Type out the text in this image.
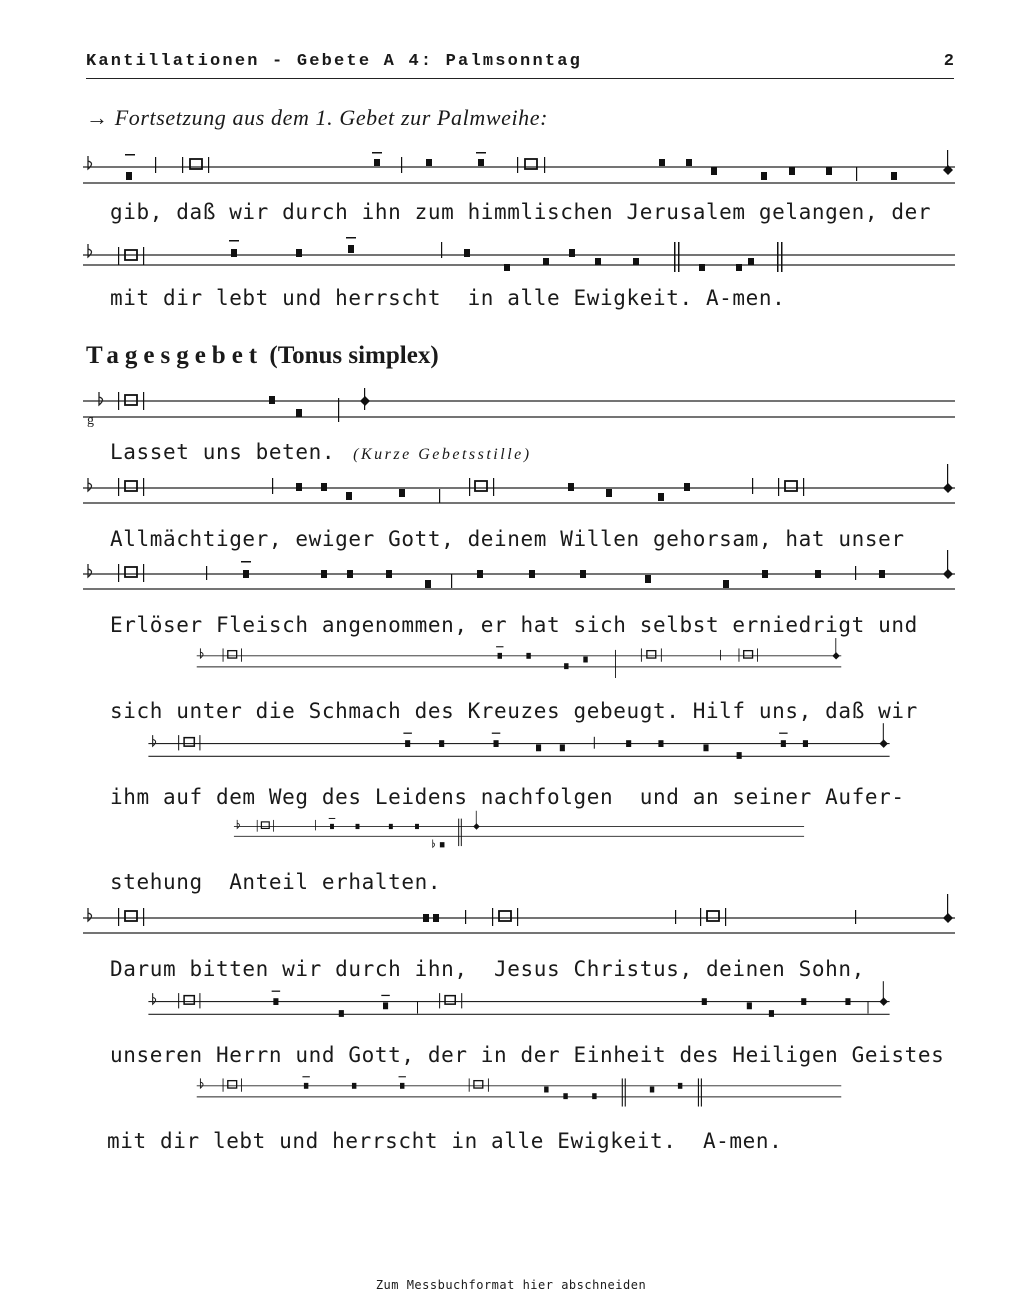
Kantillationen - Gebete A 4: Palmsonntag	2
→ Fortsetzung aus dem 1. Gebet zur Palmweihe:
gib, daß wir durch ihn zum himmlischen Jerusalem gelangen, der
mit dir lebt und herrscht  in alle Ewigkeit. A-men.
Tagesgebet (Tonus simplex)
g
Lasset uns beten. (Kurze Gebetsstille)
Allmächtiger, ewiger Gott, deinem Willen gehorsam, hat unser
Erlöser Fleisch angenommen, er hat sich selbst erniedrigt und
sich unter die Schmach des Kreuzes gebeugt. Hilf uns, daß wir
ihm auf dem Weg des Leidens nachfolgen  und an seiner Aufer-
stehung  Anteil erhalten.
Darum bitten wir durch ihn,  Jesus Christus, deinen Sohn,
unseren Herrn und Gott, der in der Einheit des Heiligen Geistes
mit dir lebt und herrscht in alle Ewigkeit.  A-men.
Zum Messbuchformat hier abschneiden
